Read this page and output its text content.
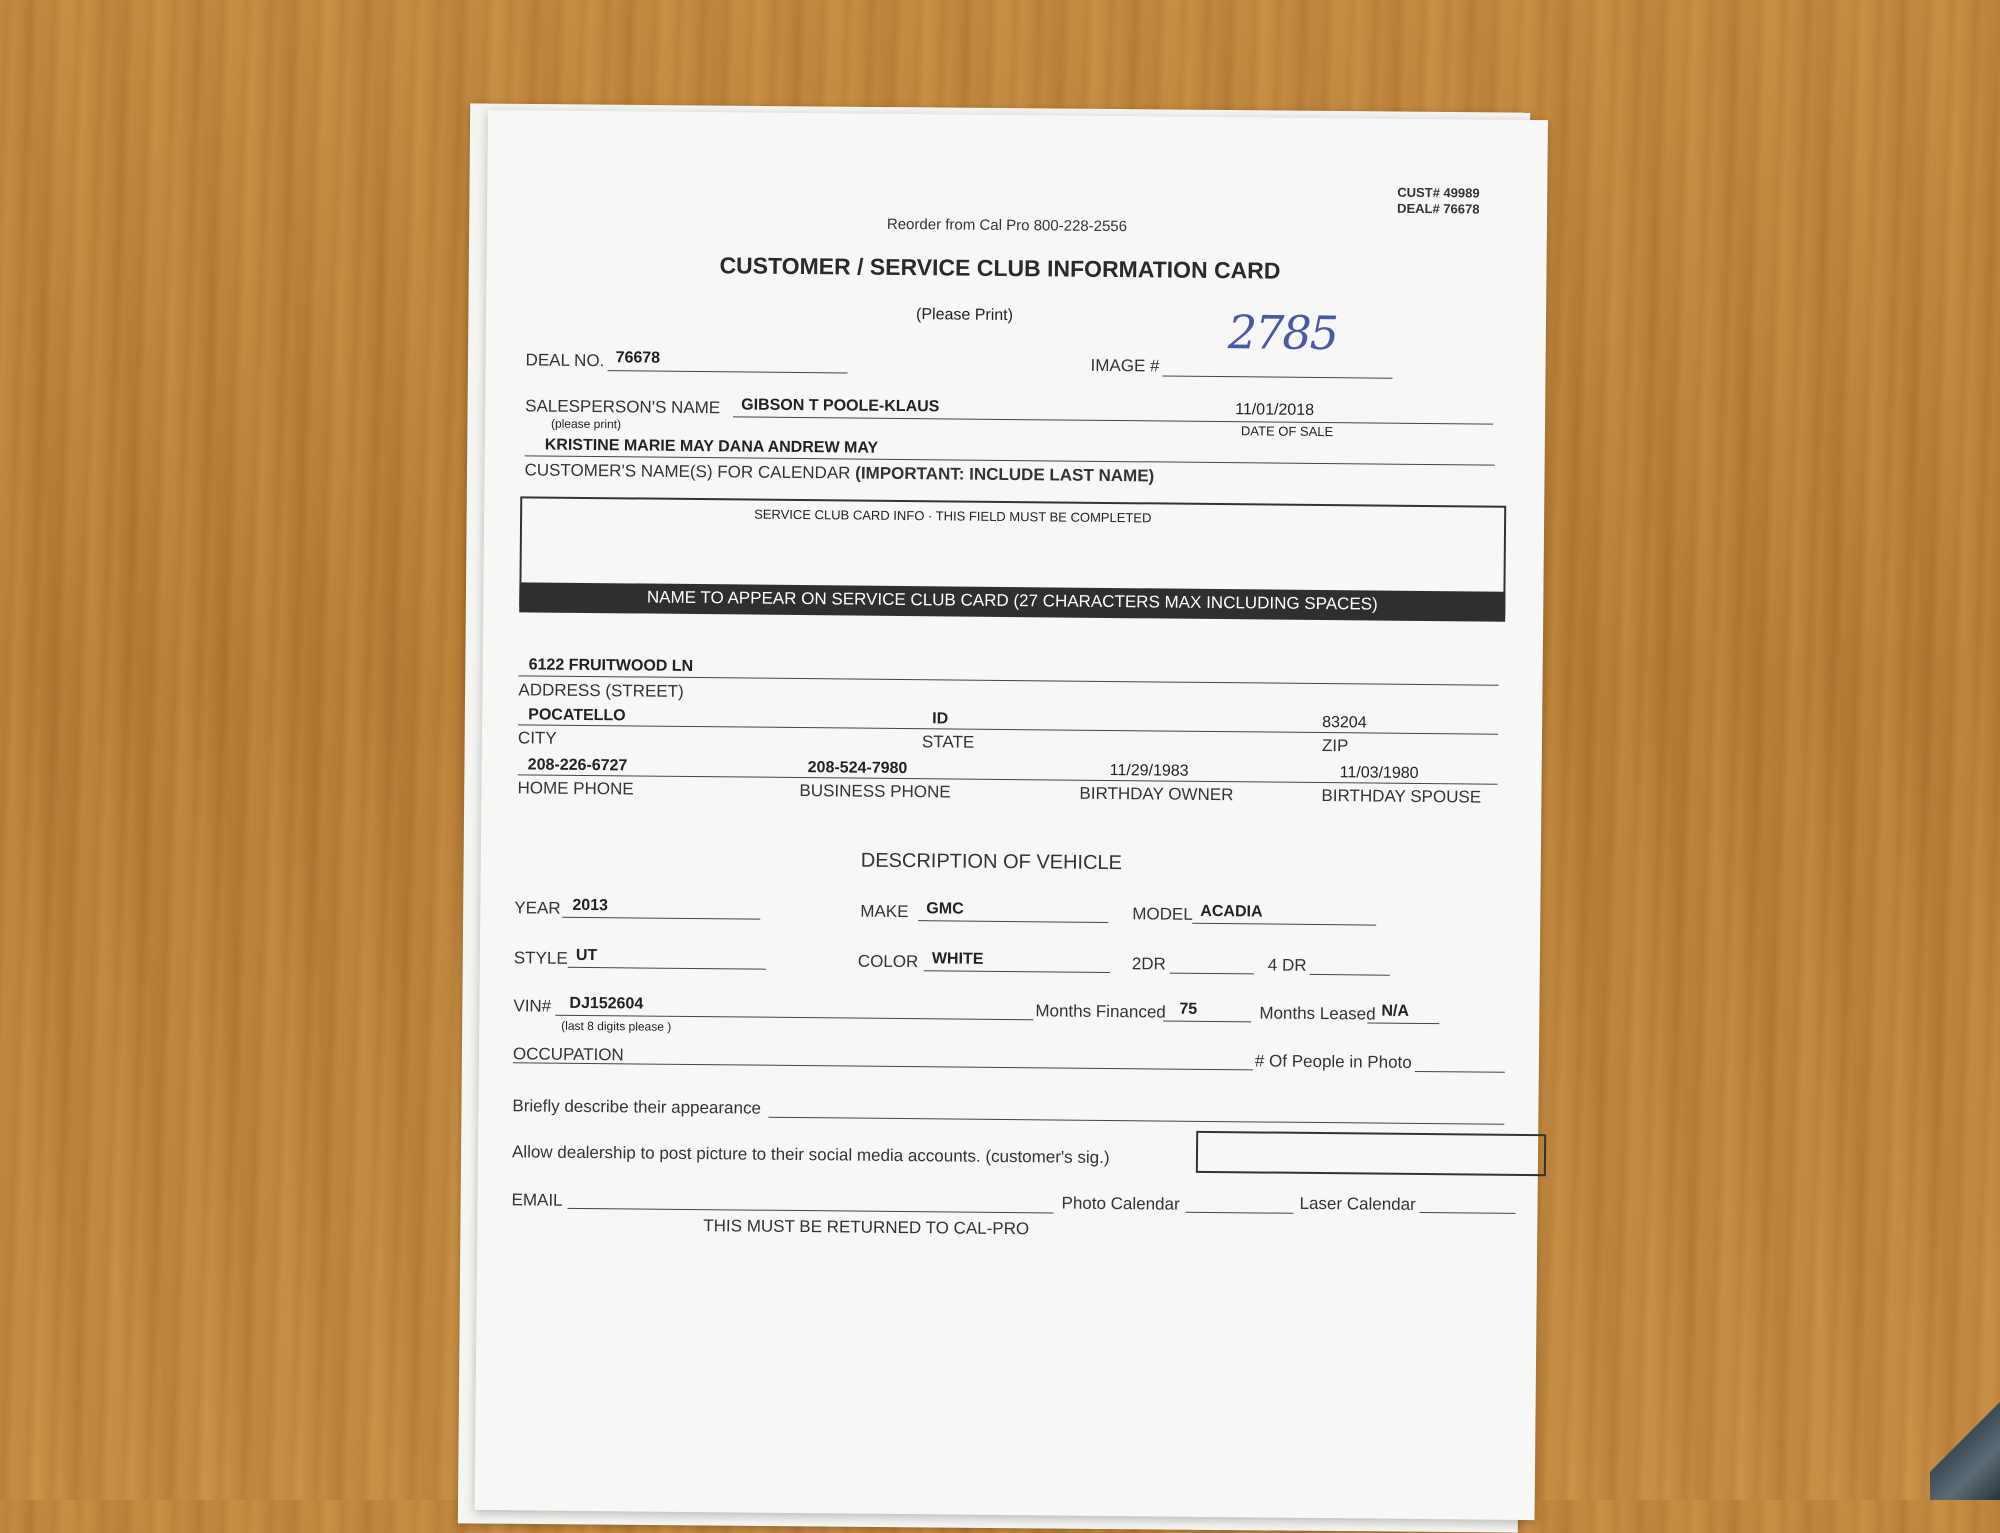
CUST# 49989
DEAL# 76678
Reorder from Cal Pro 800-228-2556
CUSTOMER / SERVICE CLUB INFORMATION CARD
(Please Print)
DEAL NO. 76678	IMAGE #
2785
SALESPERSON'S NAME
(please print)
GIBSON T POOLE-KLAUS	11/01/2018
DATE OF SALE
KRISTINE MARIE MAY DANA ANDREW MAY
CUSTOMER'S NAME(S) FOR CALENDAR (IMPORTANT: INCLUDE LAST NAME)
SERVICE CLUB CARD INFO · THIS FIELD MUST BE COMPLETED
NAME TO APPEAR ON SERVICE CLUB CARD (27 CHARACTERS MAX INCLUDING SPACES)
6122 FRUITWOOD LN
ADDRESS (STREET)
POCATELLO	ID	83204
CITY	STATE	ZIP
208-226-6727	208-524-7980	11/29/1983	11/03/1980
HOME PHONE	BUSINESS PHONE	BIRTHDAY OWNER	BIRTHDAY SPOUSE
DESCRIPTION OF VEHICLE
YEAR 2013	MAKE GMC	MODEL ACADIA
STYLE UT	COLOR WHITE	2DR	4 DR
VIN# DJ152604
(last 8 digits please )
Months Financed 75	Months Leased N/A
OCCUPATION	# Of People in Photo
Briefly describe their appearance
Allow dealership to post picture to their social media accounts. (customer's sig.)
EMAIL	Photo Calendar	Laser Calendar
THIS MUST BE RETURNED TO CAL-PRO
